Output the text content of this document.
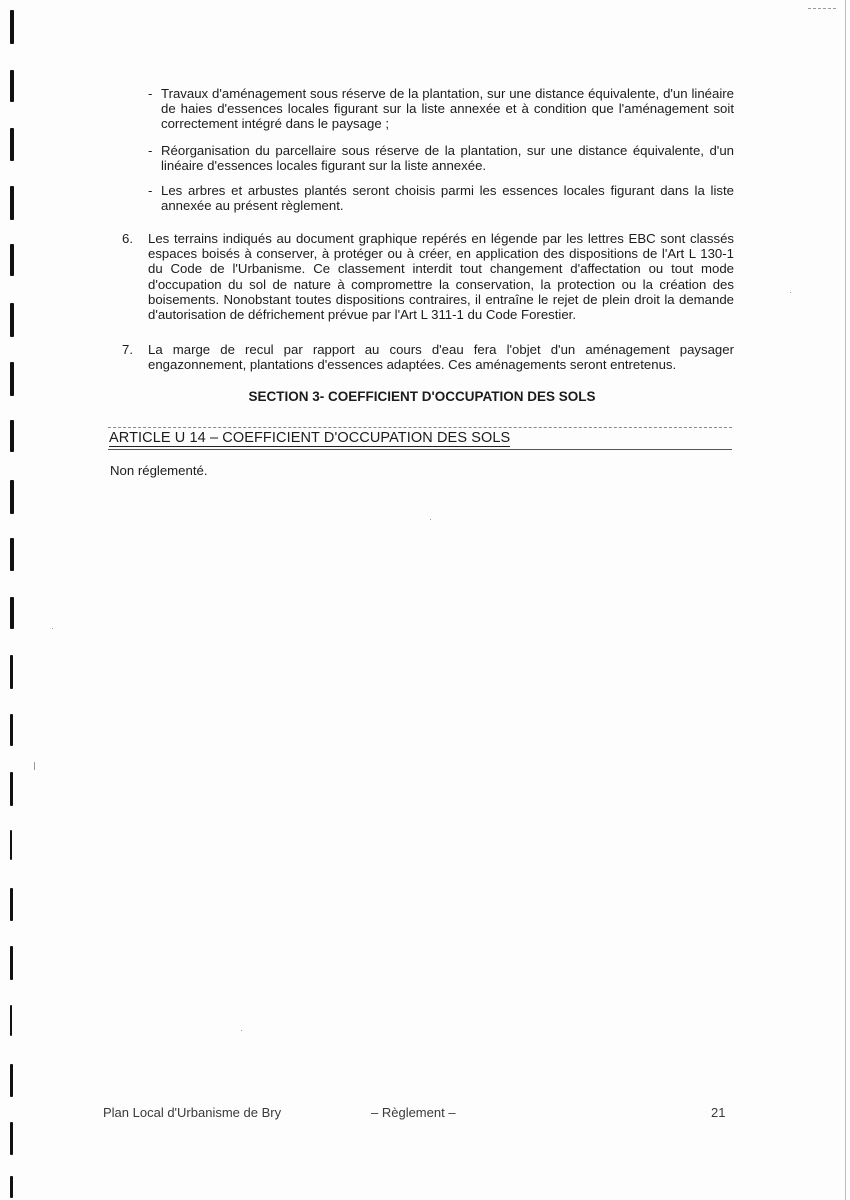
- Travaux d'aménagement sous réserve de la plantation, sur une distance équivalente, d'un linéaire de haies d'essences locales figurant sur la liste annexée et à condition que l'aménagement soit correctement intégré dans le paysage ;

- Réorganisation du parcellaire sous réserve de la plantation, sur une distance équivalente, d'un linéaire d'essences locales figurant sur la liste annexée.

- Les arbres et arbustes plantés seront choisis parmi les essences locales figurant dans la liste annexée au présent règlement.

6. Les terrains indiqués au document graphique repérés en légende par les lettres EBC sont classés espaces boisés à conserver, à protéger ou à créer, en application des dispositions de l'Art L 130-1 du Code de l'Urbanisme. Ce classement interdit tout changement d'affectation ou tout mode d'occupation du sol de nature à compromettre la conservation, la protection ou la création des boisements. Nonobstant toutes dispositions contraires, il entraîne le rejet de plein droit la demande d'autorisation de défrichement prévue par l'Art L 311-1 du Code Forestier.

7. La marge de recul par rapport au cours d'eau fera l'objet d'un aménagement paysager engazonnement, plantations d'essences adaptées. Ces aménagements seront entretenus.

SECTION 3- COEFFICIENT D'OCCUPATION DES SOLS

ARTICLE U 14 – COEFFICIENT D'OCCUPATION DES SOLS

Non réglementé.

Plan Local d'Urbanisme de Bry	– Règlement –	21
